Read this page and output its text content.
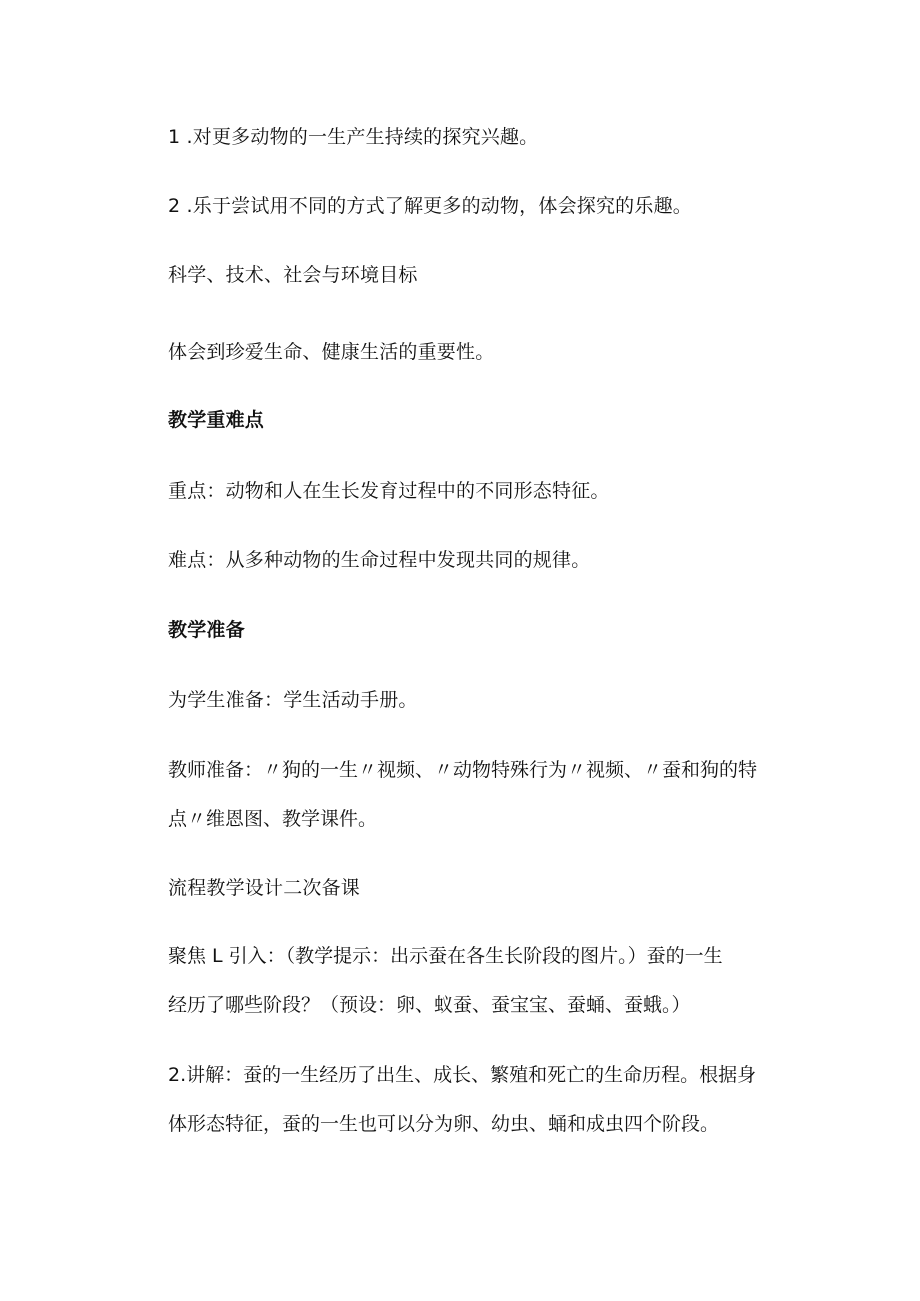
1 .对更多动物的一生产生持续的探究兴趣。
2 .乐于尝试用不同的方式了解更多的动物，体会探究的乐趣。
科学、技术、社会与环境目标
体会到珍爱生命、健康生活的重要性。
教学重难点
重点：动物和人在生长发育过程中的不同形态特征。
难点：从多种动物的生命过程中发现共同的规律。
教学准备
为学生准备：学生活动手册。
教师准备：〃狗的一生〃视频、〃动物特殊行为〃视频、〃蚕和狗的特
点〃维恩图、教学课件。
流程教学设计二次备课
聚焦 L 引入：（教学提示：出示蚕在各生长阶段的图片。）蚕的一生
经历了哪些阶段？（预设：卵、蚁蚕、蚕宝宝、蚕蛹、蚕蛾。）
2.讲解：蚕的一生经历了出生、成长、繁殖和死亡的生命历程。根据身
体形态特征，蚕的一生也可以分为卵、幼虫、蛹和成虫四个阶段。
